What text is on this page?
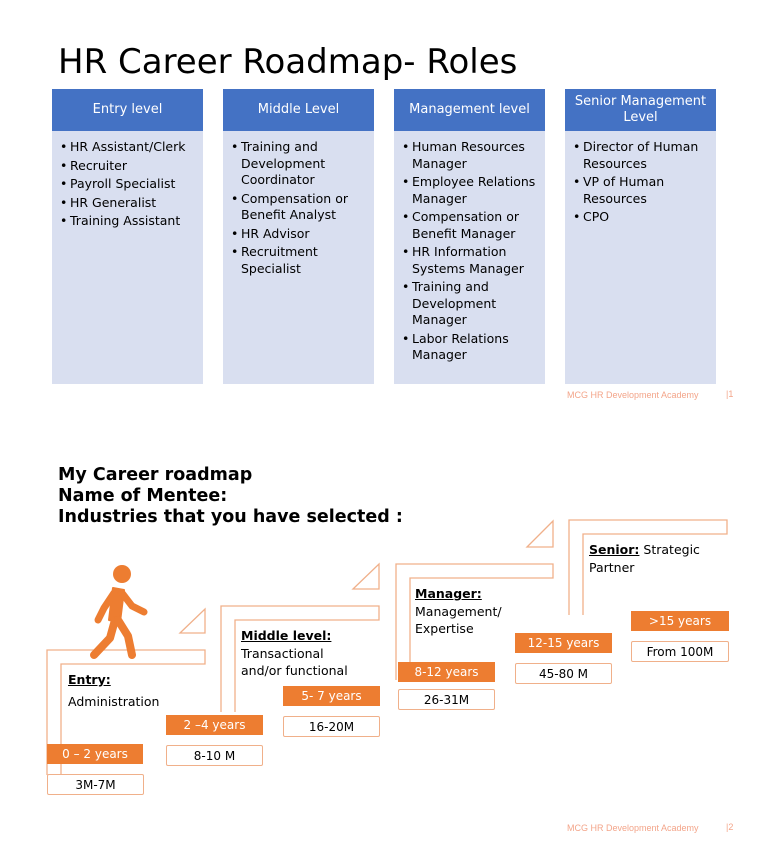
HR Career Roadmap- Roles
Entry level
• HR Assistant/Clerk
• Recruiter
• Payroll Specialist
• HR Generalist
• Training Assistant
Middle Level
• Training and Development Coordinator
• Compensation or Benefit Analyst
• HR Advisor
• Recruitment Specialist
Management level
• Human Resources Manager
• Employee Relations Manager
• Compensation or Benefit Manager
• HR Information Systems Manager
• Training and Development Manager
• Labor Relations Manager
Senior Management Level
• Director of Human Resources
• VP of Human Resources
• CPO
MCG HR Development Academy	|1
My Career roadmap
Name of Mentee:
Industries that you have selected :
Entry:
Administration
Middle level:
Transactional
and/or functional
Manager:
Management/
Expertise
Senior: Strategic
Partner
0 – 2 years
2 –4 years
5- 7 years
8-12 years
12-15 years
>15 years
3M-7M
8-10 M
16-20M
26-31M
45-80 M
From 100M
MCG HR Development Academy	|2
